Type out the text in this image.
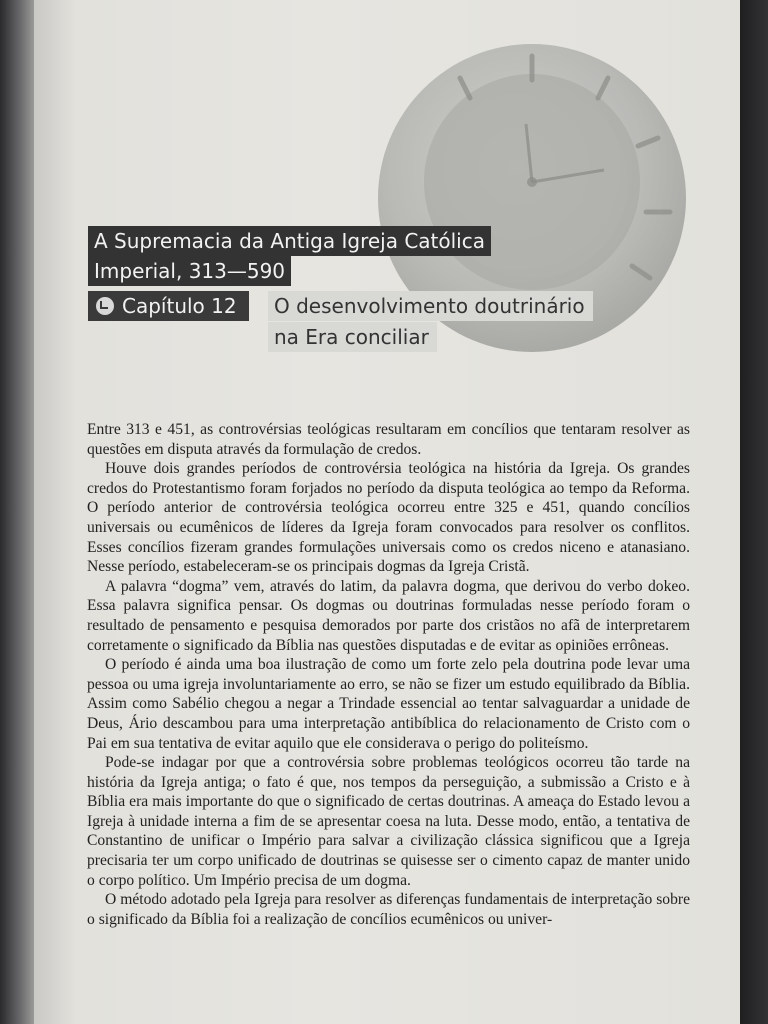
A Supremacia da Antiga Igreja Católica
Imperial, 313—590
Capítulo 12	O desenvolvimento doutrinário
na Era conciliar

Entre 313 e 451, as controvérsias teológicas resultaram em concílios que tentaram resolver as questões em disputa através da formulação de credos.

Houve dois grandes períodos de controvérsia teológica na história da Igreja. Os grandes credos do Protestantismo foram forjados no período da disputa teológica ao tempo da Reforma. O período anterior de controvérsia teológica ocorreu entre 325 e 451, quando concílios universais ou ecumênicos de líderes da Igreja foram convocados para resolver os conflitos. Esses concílios fizeram grandes formulações universais como os credos niceno e atanasiano. Nesse período, estabeleceram-se os principais dogmas da Igreja Cristã.

A palavra “dogma” vem, através do latim, da palavra dogma, que derivou do verbo dokeo. Essa palavra significa pensar. Os dogmas ou doutrinas formuladas nesse período foram o resultado de pensamento e pesquisa demorados por parte dos cristãos no afã de interpretarem corretamente o significado da Bíblia nas questões disputadas e de evitar as opiniões errôneas.

O período é ainda uma boa ilustração de como um forte zelo pela doutrina pode levar uma pessoa ou uma igreja involuntariamente ao erro, se não se fizer um estudo equilibrado da Bíblia. Assim como Sabélio chegou a negar a Trindade essencial ao tentar salvaguardar a unidade de Deus, Ário descambou para uma interpretação antibíblica do relacionamento de Cristo com o Pai em sua tentativa de evitar aquilo que ele considerava o perigo do politeísmo.

Pode-se indagar por que a controvérsia sobre problemas teológicos ocorreu tão tarde na história da Igreja antiga; o fato é que, nos tempos da perseguição, a submissão a Cristo e à Bíblia era mais importante do que o significado de certas doutrinas. A ameaça do Estado levou a Igreja à unidade interna a fim de se apresentar coesa na luta. Desse modo, então, a tentativa de Constantino de unificar o Império para salvar a civilização clássica significou que a Igreja precisaria ter um corpo unificado de doutrinas se quisesse ser o cimento capaz de manter unido o corpo político. Um Império precisa de um dogma.

O método adotado pela Igreja para resolver as diferenças fundamentais de interpretação sobre o significado da Bíblia foi a realização de concílios ecumênicos ou univer-
